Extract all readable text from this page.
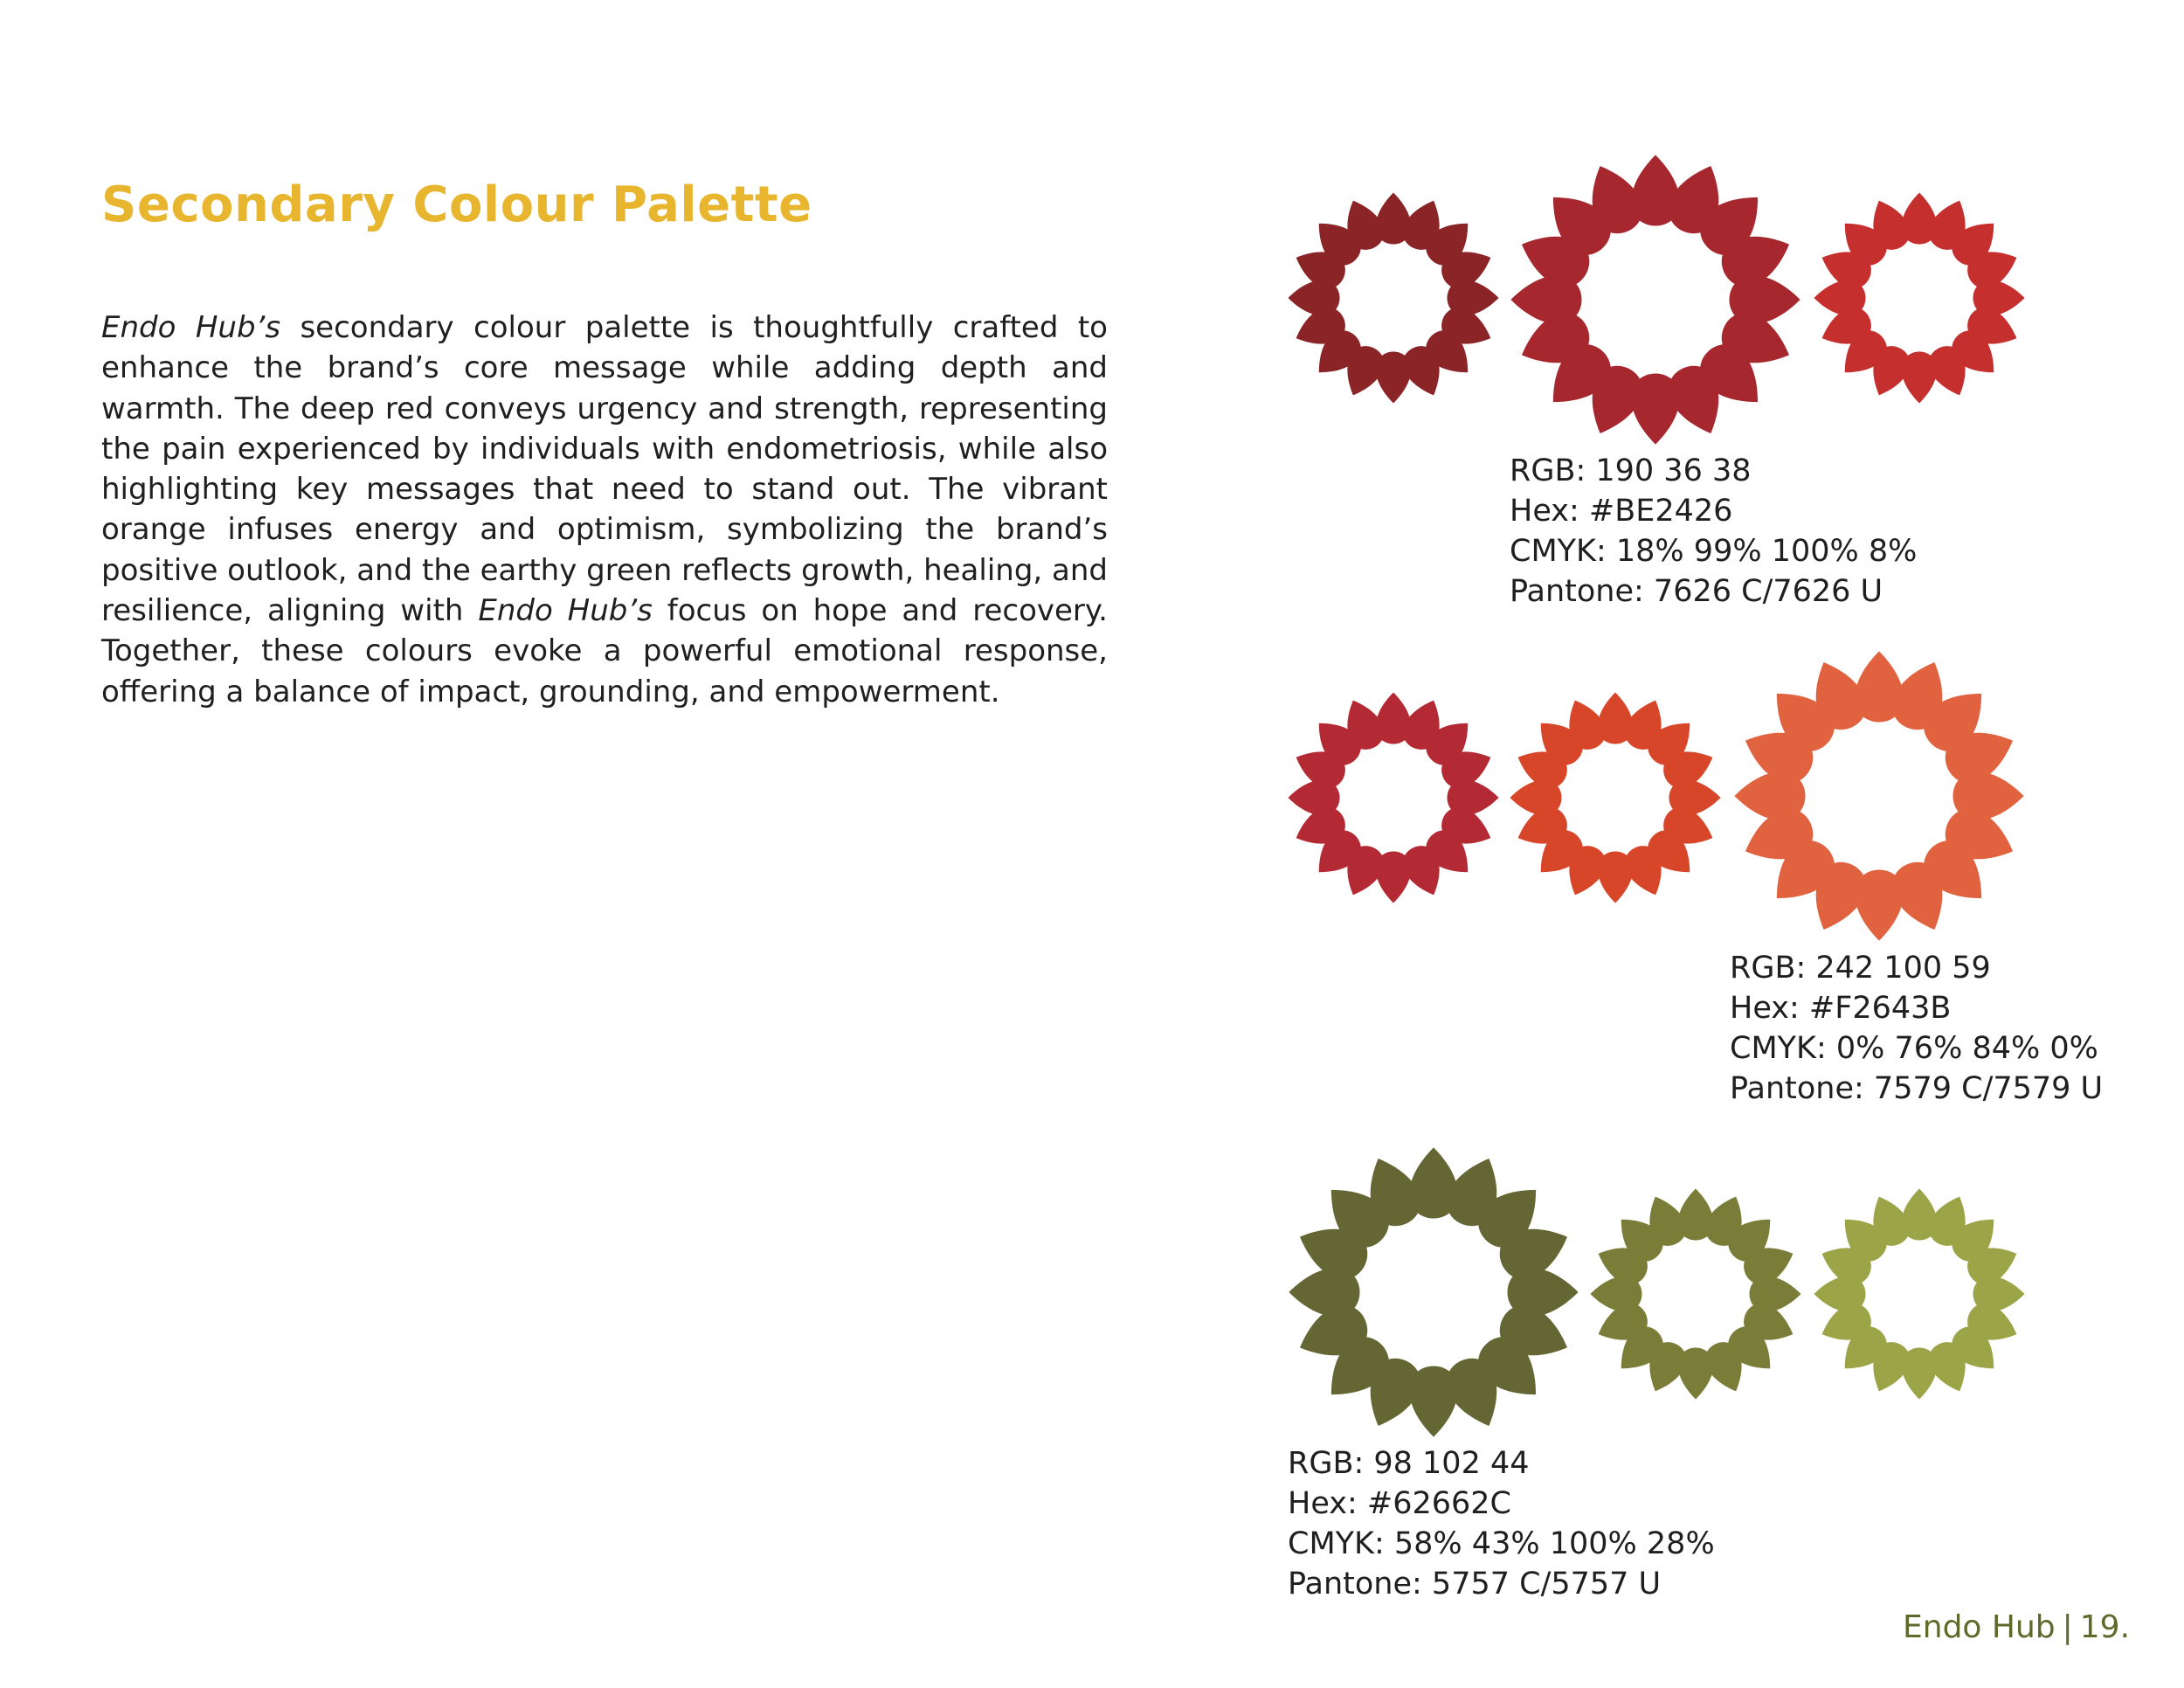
Secondary Colour Palette

Endo Hub’s secondary colour palette is thoughtfully crafted to enhance the brand’s core message while adding depth and warmth. The deep red conveys urgency and strength, representing the pain experienced by individuals with endometriosis, while also highlighting key messages that need to stand out. The vibrant orange infuses energy and optimism, symbolizing the brand’s positive outlook, and the earthy green reflects growth, healing, and resilience, aligning with Endo Hub’s focus on hope and recovery. Together, these colours evoke a powerful emotional response, offering a balance of impact, grounding, and empowerment.

RGB: 190 36 38
Hex: #BE2426
CMYK: 18% 99% 100% 8%
Pantone: 7626 C/7626 U
RGB: 242 100 59
Hex: #F2643B
CMYK: 0% 76% 84% 0%
Pantone: 7579 C/7579 U
RGB: 98 102 44
Hex: #62662C
CMYK: 58% 43% 100% 28%
Pantone: 5757 C/5757 U
Endo Hub | 19.
